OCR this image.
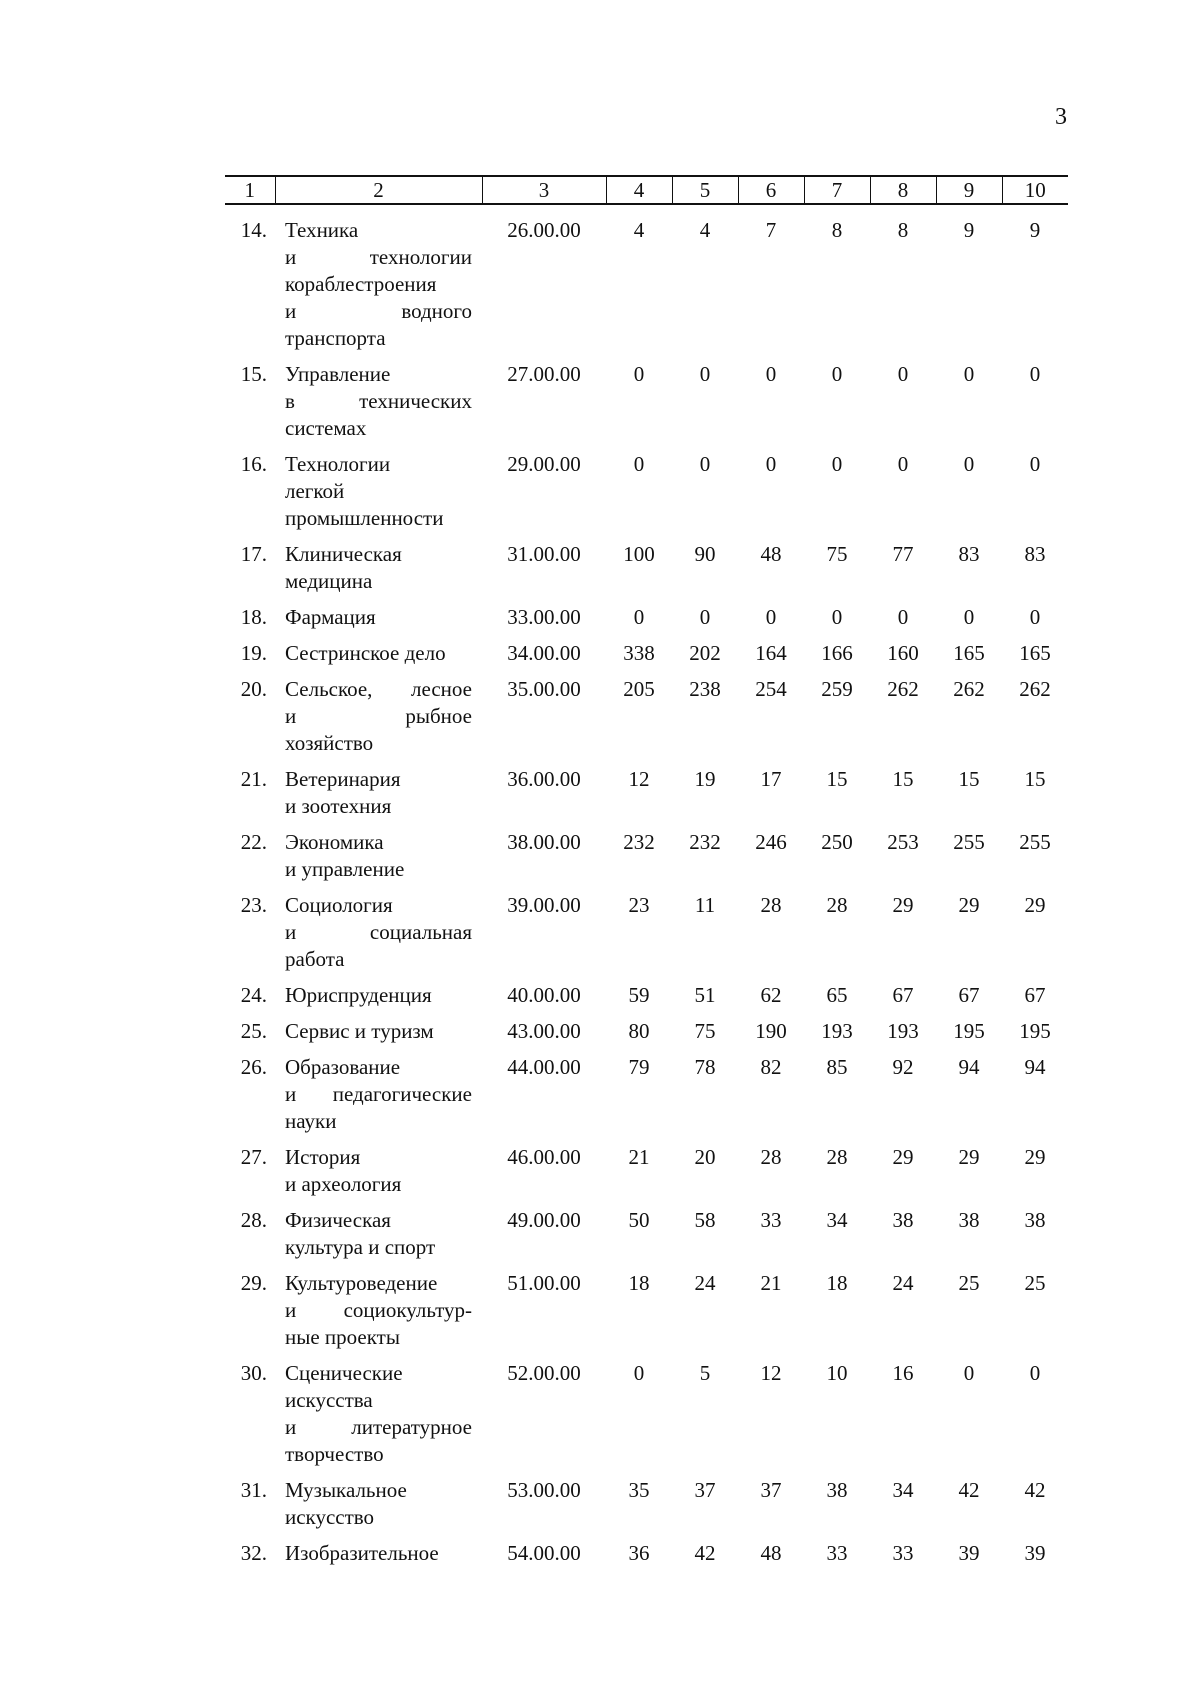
3
1	2	3	4	5	6	7	8	9	10

14.	Техника
и технологии
кораблестроения
и водного
транспорта	26.00.00	4	4	7	8	8	9	9
15.	Управление
в технических
системах	27.00.00	0	0	0	0	0	0	0
16.	Технологии
легкой
промышленности	29.00.00	0	0	0	0	0	0	0
17.	Клиническая
медицина	31.00.00	100	90	48	75	77	83	83
18.	Фармация	33.00.00	0	0	0	0	0	0	0
19.	Сестринское дело	34.00.00	338	202	164	166	160	165	165
20.	Сельское, лесное
и рыбное
хозяйство	35.00.00	205	238	254	259	262	262	262
21.	Ветеринария
и зоотехния	36.00.00	12	19	17	15	15	15	15
22.	Экономика
и управление	38.00.00	232	232	246	250	253	255	255
23.	Социология
и социальная
работа	39.00.00	23	11	28	28	29	29	29
24.	Юриспруденция	40.00.00	59	51	62	65	67	67	67
25.	Сервис и туризм	43.00.00	80	75	190	193	193	195	195
26.	Образование
и педагогические
науки	44.00.00	79	78	82	85	92	94	94
27.	История
и археология	46.00.00	21	20	28	28	29	29	29
28.	Физическая
культура и спорт	49.00.00	50	58	33	34	38	38	38
29.	Культуроведение
и социокультур-
ные проекты	51.00.00	18	24	21	18	24	25	25
30.	Сценические
искусства
и литературное
творчество	52.00.00	0	5	12	10	16	0	0
31.	Музыкальное
искусство	53.00.00	35	37	37	38	34	42	42
32.	Изобразительное	54.00.00	36	42	48	33	33	39	39
